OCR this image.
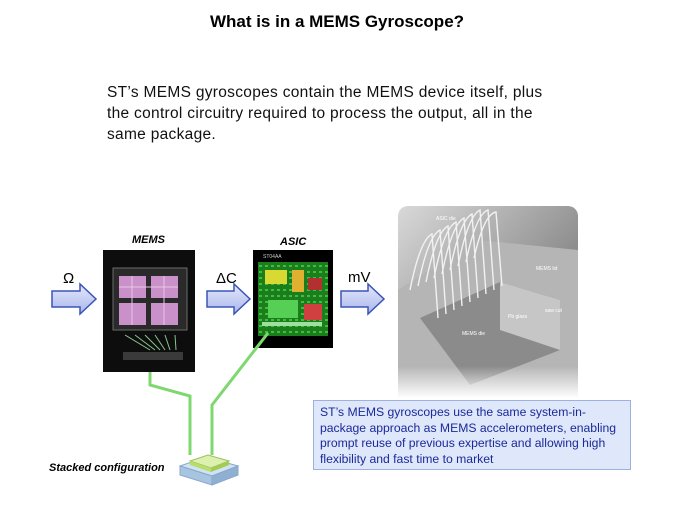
What is in a MEMS Gyroscope?
ST’s MEMS gyroscopes contain the MEMS device itself, plus the control circuitry required to process the output, all in the same package.
ST04AA
ASIC die
MEMS lid
Pb glass
saw cut
MEMS die
MEMS	ASIC
Ω	ΔC	mV
Stacked configuration
ST’s MEMS gyroscopes use the same system-in-package approach as MEMS accelerometers, enabling prompt reuse of previous expertise and allowing high flexibility and fast time to market
